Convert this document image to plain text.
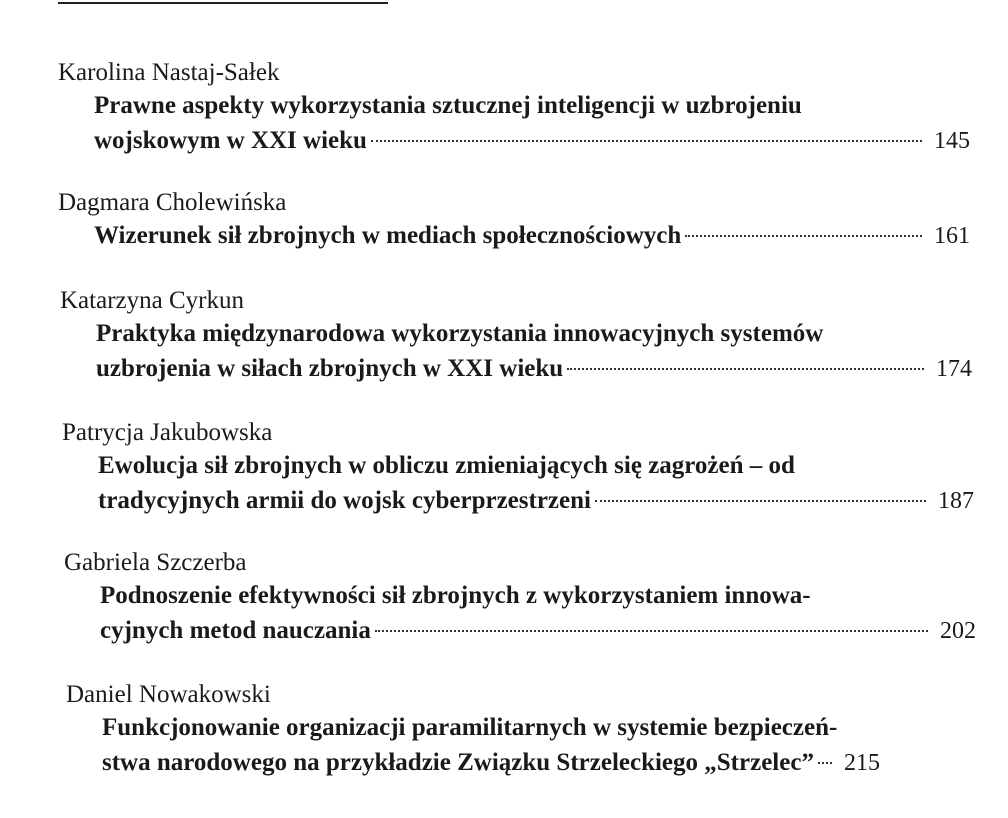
Karolina Nastaj-Sałek
Prawne aspekty wykorzystania sztucznej inteligencji w uzbrojeniu
wojskowym w XXI wieku	145
Dagmara Cholewińska
Wizerunek sił zbrojnych w mediach społecznościowych	161
Katarzyna Cyrkun
Praktyka międzynarodowa wykorzystania innowacyjnych systemów
uzbrojenia w siłach zbrojnych w XXI wieku	174
Patrycja Jakubowska
Ewolucja sił zbrojnych w obliczu zmieniających się zagrożeń – od
tradycyjnych armii do wojsk cyberprzestrzeni	187
Gabriela Szczerba
Podnoszenie efektywności sił zbrojnych z wykorzystaniem innowa-
cyjnych metod nauczania	202
Daniel Nowakowski
Funkcjonowanie organizacji paramilitarnych w systemie bezpieczeń-
stwa narodowego na przykładzie Związku Strzeleckiego „Strzelec” 215
